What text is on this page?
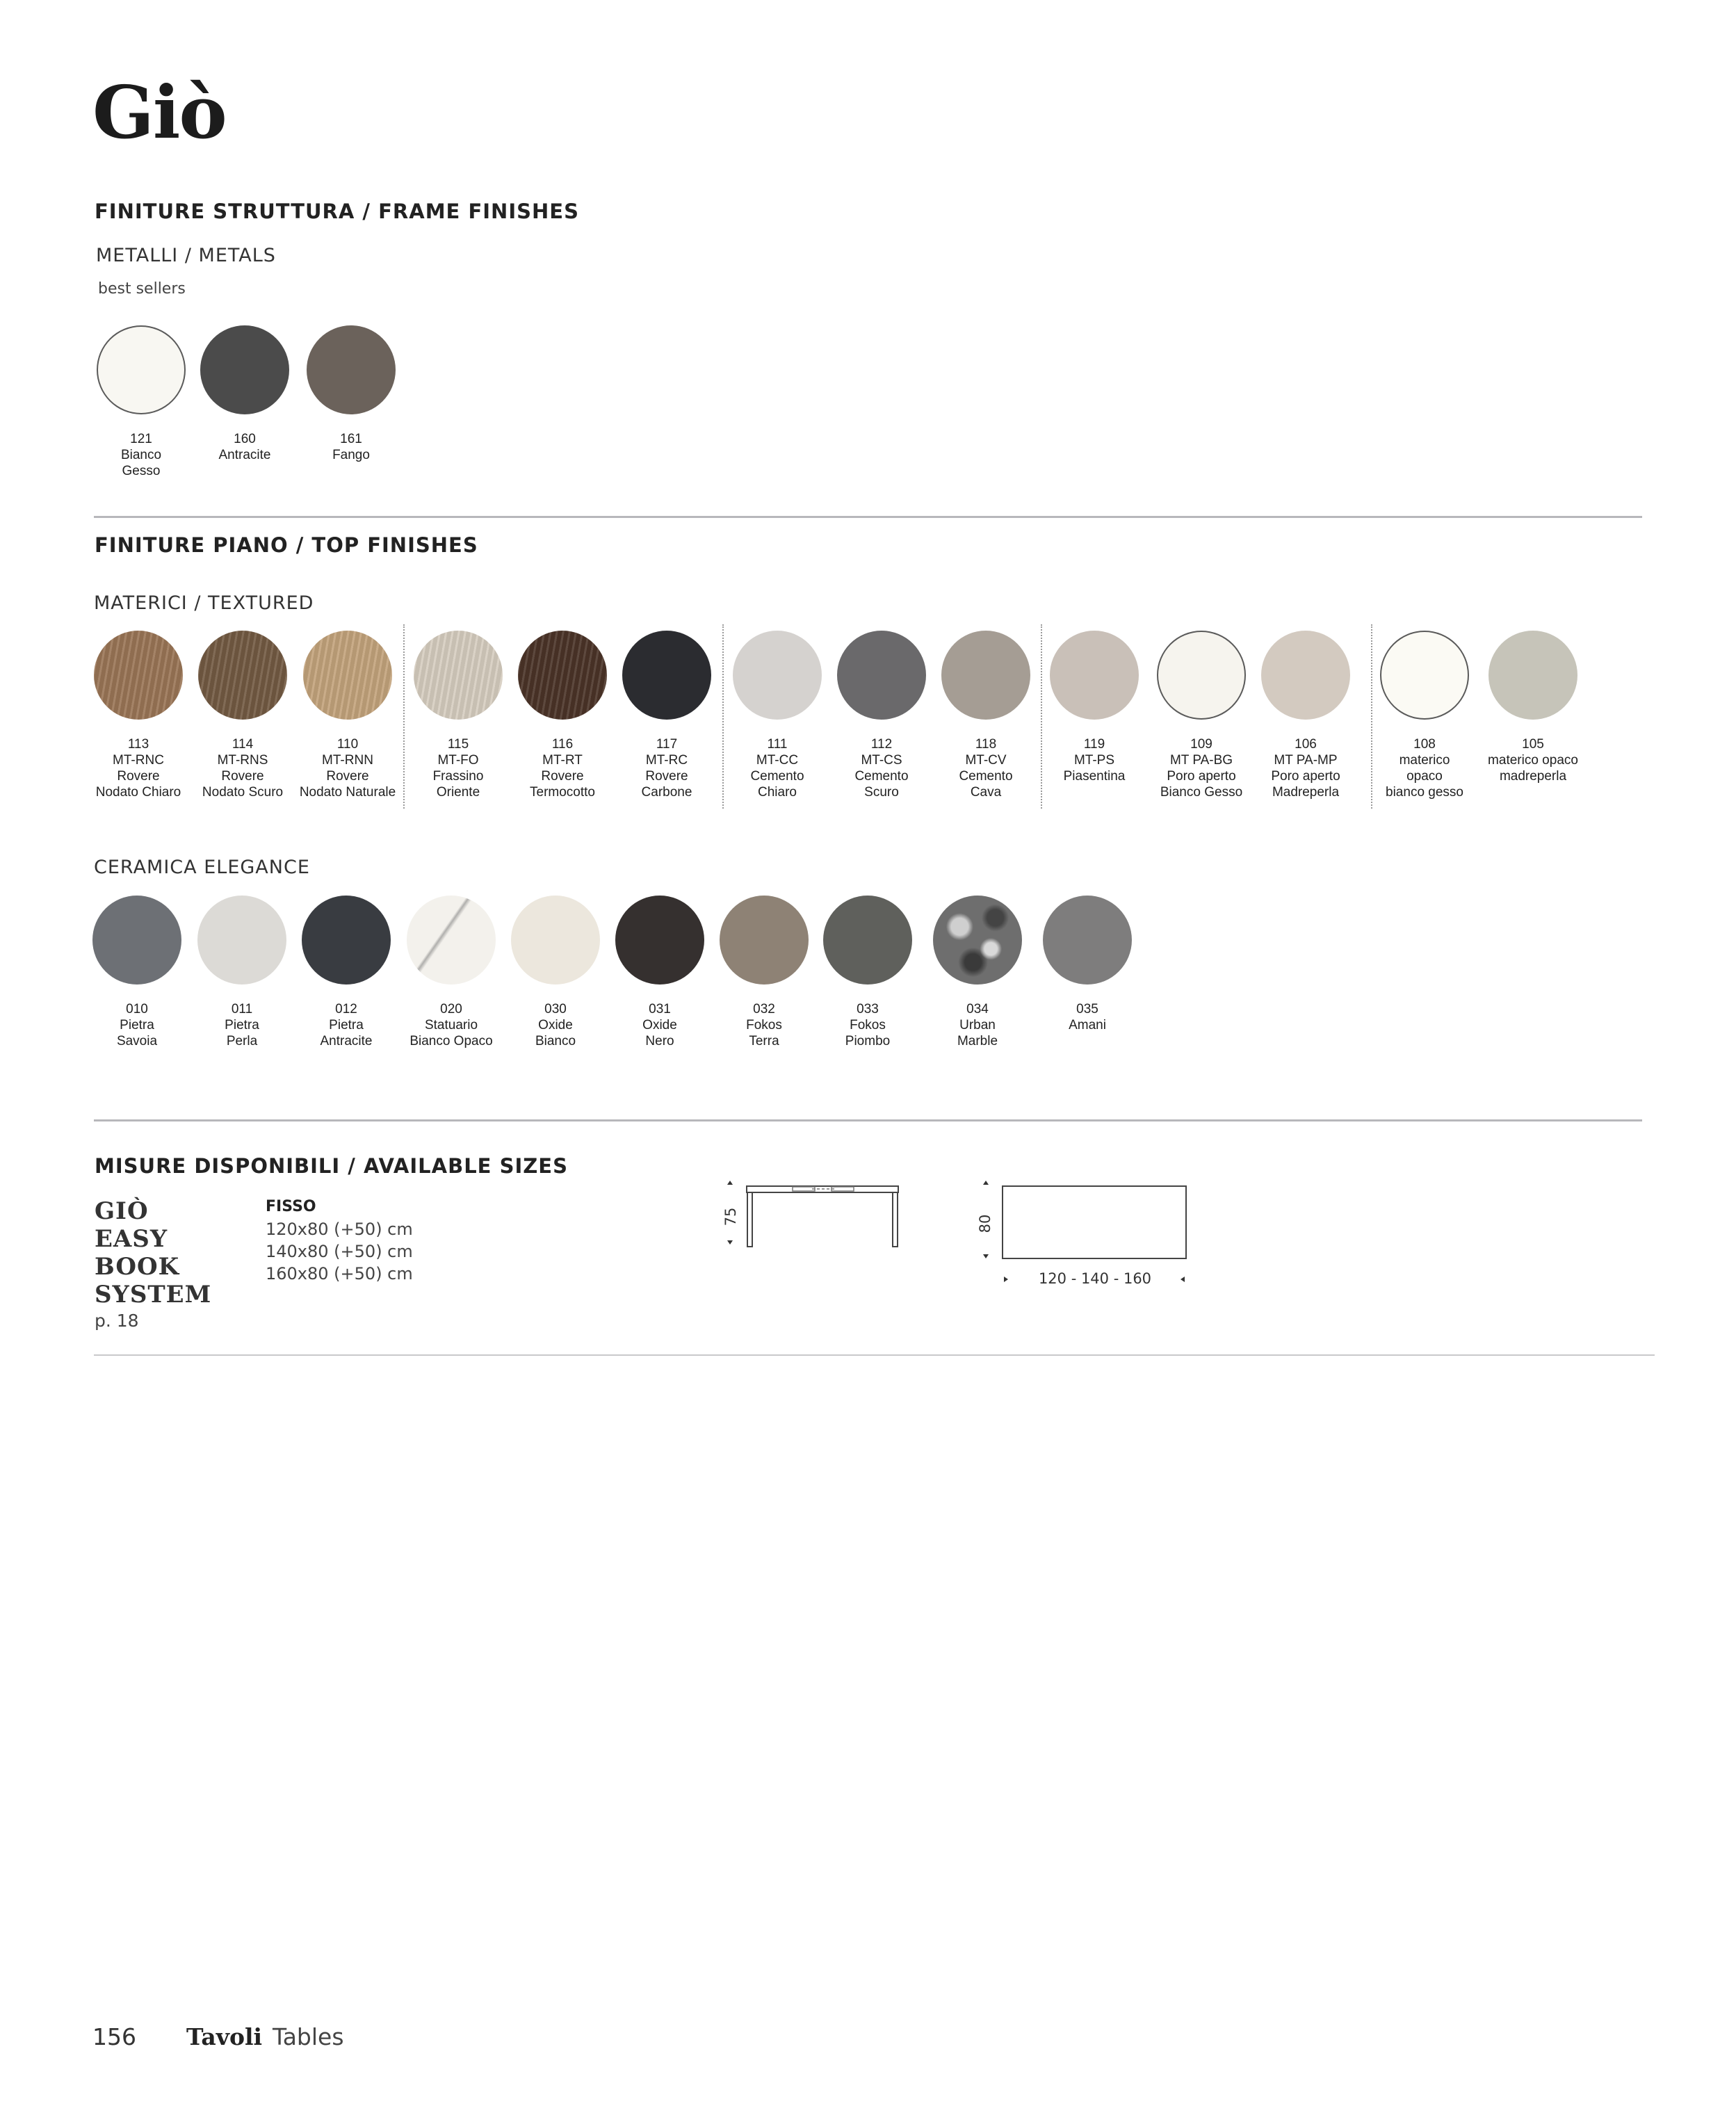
Giò
FINITURE STRUTTURA / FRAME FINISHES
METALLI / METALS
best sellers
121
Bianco
Gesso
160
Antracite
161
Fango
FINITURE PIANO / TOP FINISHES
MATERICI / TEXTURED
113
MT-RNC
Rovere
Nodato Chiaro
114
MT-RNS
Rovere
Nodato Scuro
110
MT-RNN
Rovere
Nodato Naturale
115
MT-FO
Frassino
Oriente
116
MT-RT
Rovere
Termocotto
117
MT-RC
Rovere
Carbone
111
MT-CC
Cemento
Chiaro
112
MT-CS
Cemento
Scuro
118
MT-CV
Cemento
Cava
119
MT-PS
Piasentina
109
MT PA-BG
Poro aperto
Bianco Gesso
106
MT PA-MP
Poro aperto
Madreperla
108
materico
opaco
bianco gesso
105
materico opaco
madreperla
CERAMICA ELEGANCE
010
Pietra
Savoia
011
Pietra
Perla
012
Pietra
Antracite
020
Statuario
Bianco Opaco
030
Oxide
Bianco
031
Oxide
Nero
032
Fokos
Terra
033
Fokos
Piombo
034
Urban
Marble
035
Amani
MISURE DISPONIBILI / AVAILABLE SIZES
GIÒ
EASY
BOOK
SYSTEM
p. 18
FISSO
120x80 (+50) cm
140x80 (+50) cm
160x80 (+50) cm
75	80
120 - 140 - 160
156 Tavoli Tables
